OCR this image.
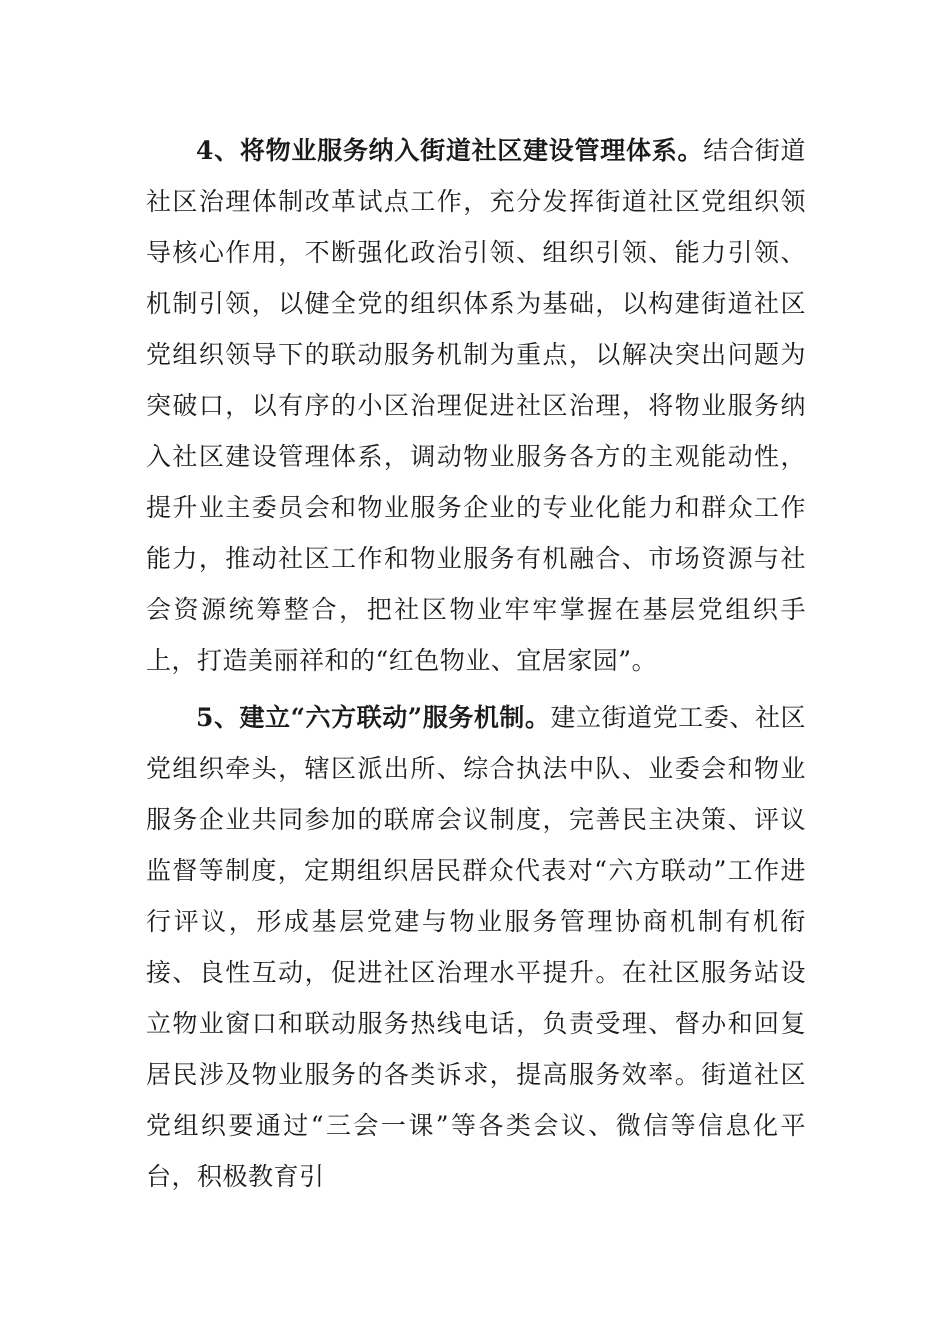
4、将物业服务纳入街道社区建设管理体系。结合街道社区治理体制改革试点工作，充分发挥街道社区党组织领导核心作用，不断强化政治引领、组织引领、能力引领、机制引领，以健全党的组织体系为基础，以构建街道社区党组织领导下的联动服务机制为重点，以解决突出问题为突破口，以有序的小区治理促进社区治理，将物业服务纳入社区建设管理体系，调动物业服务各方的主观能动性，提升业主委员会和物业服务企业的专业化能力和群众工作能力，推动社区工作和物业服务有机融合、市场资源与社会资源统筹整合，把社区物业牢牢掌握在基层党组织手上，打造美丽祥和的“红色物业、宜居家园”。

5、建立“六方联动”服务机制。建立街道党工委、社区党组织牵头，辖区派出所、综合执法中队、业委会和物业服务企业共同参加的联席会议制度，完善民主决策、评议监督等制度，定期组织居民群众代表对“六方联动”工作进行评议，形成基层党建与物业服务管理协商机制有机衔接、良性互动，促进社区治理水平提升。在社区服务站设立物业窗口和联动服务热线电话，负责受理、督办和回复居民涉及物业服务的各类诉求，提高服务效率。街道社区党组织要通过“三会一课”等各类会议、微信等信息化平台，积极教育引
